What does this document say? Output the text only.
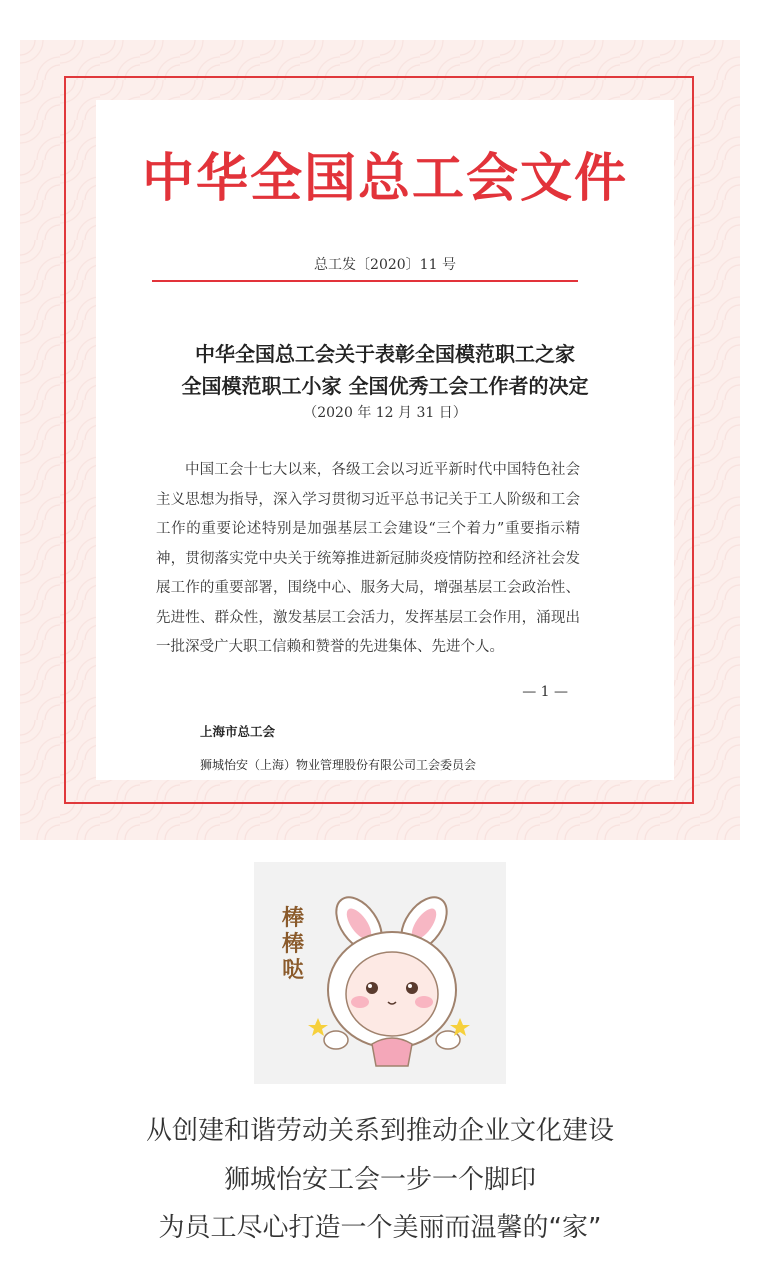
中华全国总工会文件
总工发〔2020〕11 号
中华全国总工会关于表彰全国模范职工之家
全国模范职工小家 全国优秀工会工作者的决定
（2020 年 12 月 31 日）
中国工会十七大以来，各级工会以习近平新时代中国特色社会主义思想为指导，深入学习贯彻习近平总书记关于工人阶级和工会工作的重要论述特别是加强基层工会建设“三个着力”重要指示精神，贯彻落实党中央关于统筹推进新冠肺炎疫情防控和经济社会发展工作的重要部署，围绕中心、服务大局，增强基层工会政治性、先进性、群众性，激发基层工会活力，发挥基层工会作用，涌现出一批深受广大职工信赖和赞誉的先进集体、先进个人。
— 1 —
上海市总工会
狮城怡安（上海）物业管理股份有限公司工会委员会
棒棒哒
从创建和谐劳动关系到推动企业文化建设
狮城怡安工会一步一个脚印
为员工尽心打造一个美丽而温馨的“家”
